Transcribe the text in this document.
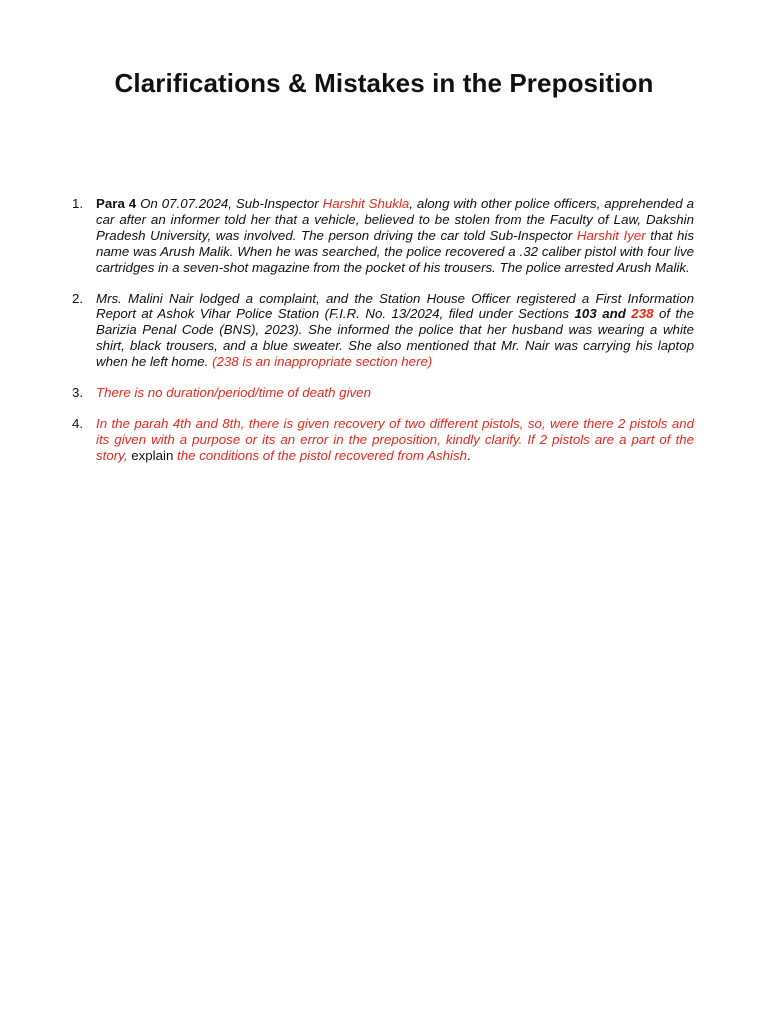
Clarifications & Mistakes in the Preposition
1. Para 4 On 07.07.2024, Sub-Inspector Harshit Shukla, along with other police officers, apprehended a car after an informer told her that a vehicle, believed to be stolen from the Faculty of Law, Dakshin Pradesh University, was involved. The person driving the car told Sub-Inspector Harshit Iyer that his name was Arush Malik. When he was searched, the police recovered a .32 caliber pistol with four live cartridges in a seven-shot magazine from the pocket of his trousers. The police arrested Arush Malik.
2. Mrs. Malini Nair lodged a complaint, and the Station House Officer registered a First Information Report at Ashok Vihar Police Station (F.I.R. No. 13/2024, filed under Sections 103 and 238 of the Barizia Penal Code (BNS), 2023). She informed the police that her husband was wearing a white shirt, black trousers, and a blue sweater. She also mentioned that Mr. Nair was carrying his laptop when he left home. (238 is an inappropriate section here)
3. There is no duration/period/time of death given
4. In the parah 4th and 8th, there is given recovery of two different pistols, so, were there 2 pistols and its given with a purpose or its an error in the preposition, kindly clarify. If 2 pistols are a part of the story, explain the conditions of the pistol recovered from Ashish.
